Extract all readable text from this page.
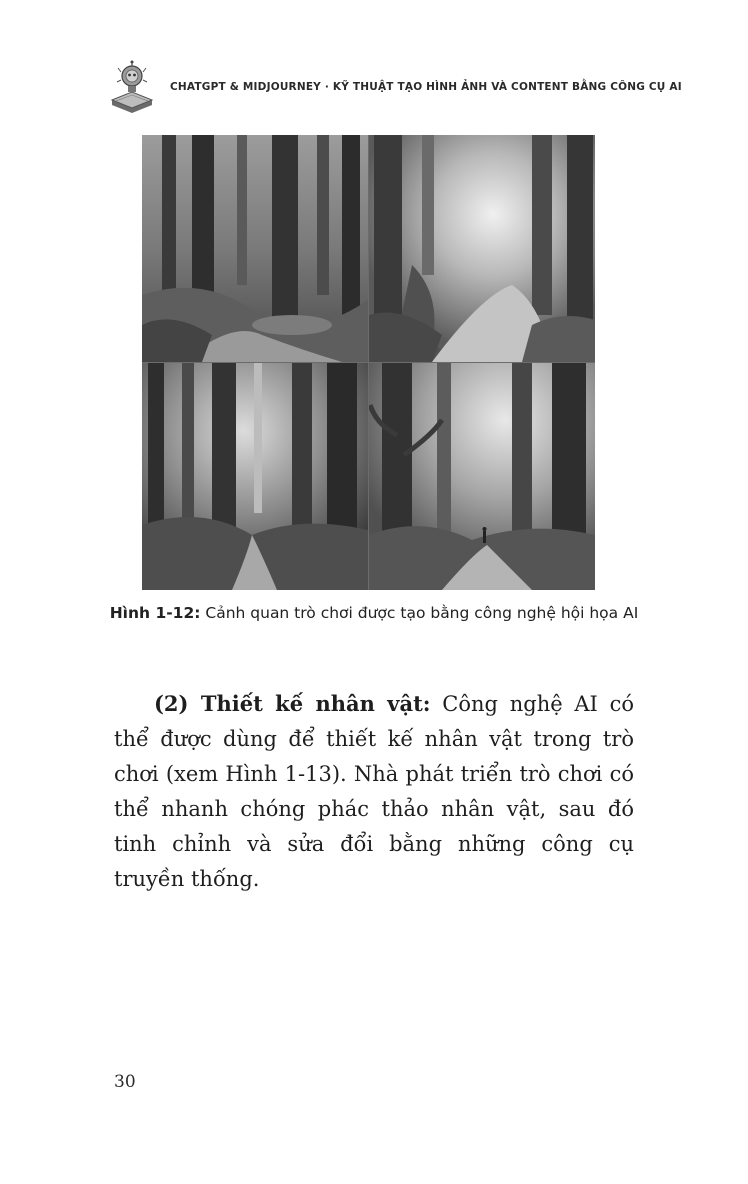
CHATGPT & MIDJOURNEY · KỸ THUẬT TẠO HÌNH ẢNH VÀ CONTENT BẰNG CÔNG CỤ AI
Hình 1-12: Cảnh quan trò chơi được tạo bằng công nghệ hội họa AI

(2) Thiết kế nhân vật: Công nghệ AI có thể được dùng để thiết kế nhân vật trong trò chơi (xem Hình 1-13). Nhà phát triển trò chơi có thể nhanh chóng phác thảo nhân vật, sau đó tinh chỉnh và sửa đổi bằng những công cụ truyền thống.

30
